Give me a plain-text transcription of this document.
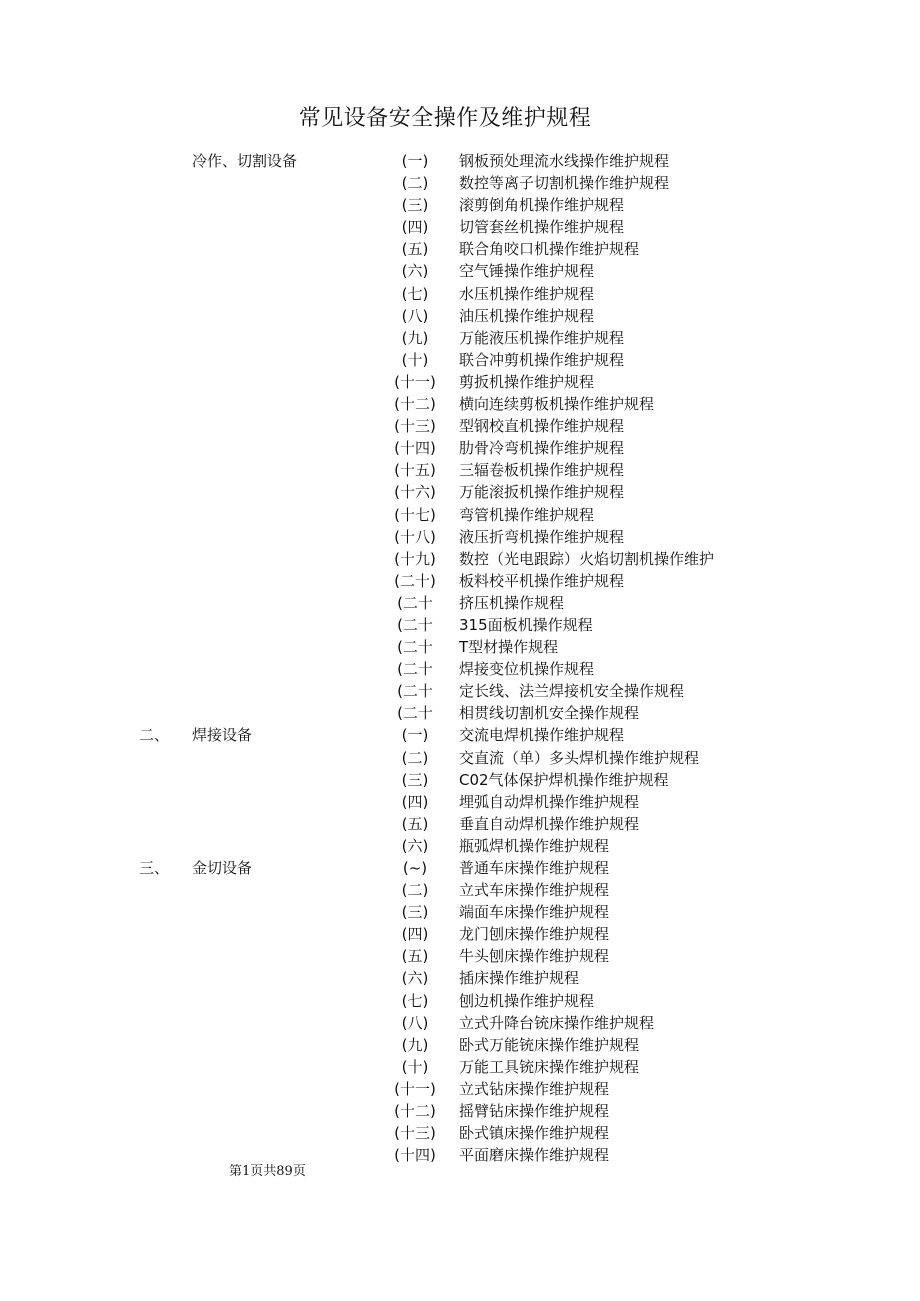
常见设备安全操作及维护规程
冷作、切割设备	(一)	钢板预处理流水线操作维护规程
(二)	数控等离子切割机操作维护规程
(三)	滚剪倒角机操作维护规程
(四)	切管套丝机操作维护规程
(五)	联合角咬口机操作维护规程
(六)	空气锤操作维护规程
(七)	水压机操作维护规程
(八)	油压机操作维护规程
(九)	万能液压机操作维护规程
(十)	联合冲剪机操作维护规程
(十一)	剪扳机操作维护规程
(十二)	横向连续剪板机操作维护规程
(十三)	型钢校直机操作维护规程
(十四)	肋骨冷弯机操作维护规程
(十五)	三辐卷板机操作维护规程
(十六)	万能滚扳机操作维护规程
(十七)	弯管机操作维护规程
(十八)	液压折弯机操作维护规程
(十九)	数控（光电跟踪）火焰切割机操作维护
(二十)	板料校平机操作维护规程
(二十	挤压机操作规程
(二十	315面板机操作规程
(二十	T型材操作规程
(二十	焊接变位机操作规程
(二十	定长线、法兰焊接机安全操作规程
(二十	相贯线切割机安全操作规程
二、 焊接设备	(一)	交流电焊机操作维护规程
(二)	交直流（单）多头焊机操作维护规程
(三)	C02气体保护焊机操作维护规程
(四)	埋弧自动焊机操作维护规程
(五)	垂直自动焊机操作维护规程
(六)	瓶弧焊机操作维护规程
三、 金切设备	(~)	普通车床操作维护规程
(二)	立式车床操作维护规程
(三)	端面车床操作维护规程
(四)	龙门刨床操作维护规程
(五)	牛头刨床操作维护规程
(六)	插床操作维护规程
(七)	刨边机操作维护规程
(八)	立式升降台铳床操作维护规程
(九)	卧式万能铳床操作维护规程
(十)	万能工具铳床操作维护规程
(十一)	立式钻床操作维护规程
(十二)	摇臂钻床操作维护规程
(十三)	卧式镇床操作维护规程
(十四)	平面磨床操作维护规程
第1页共89页
